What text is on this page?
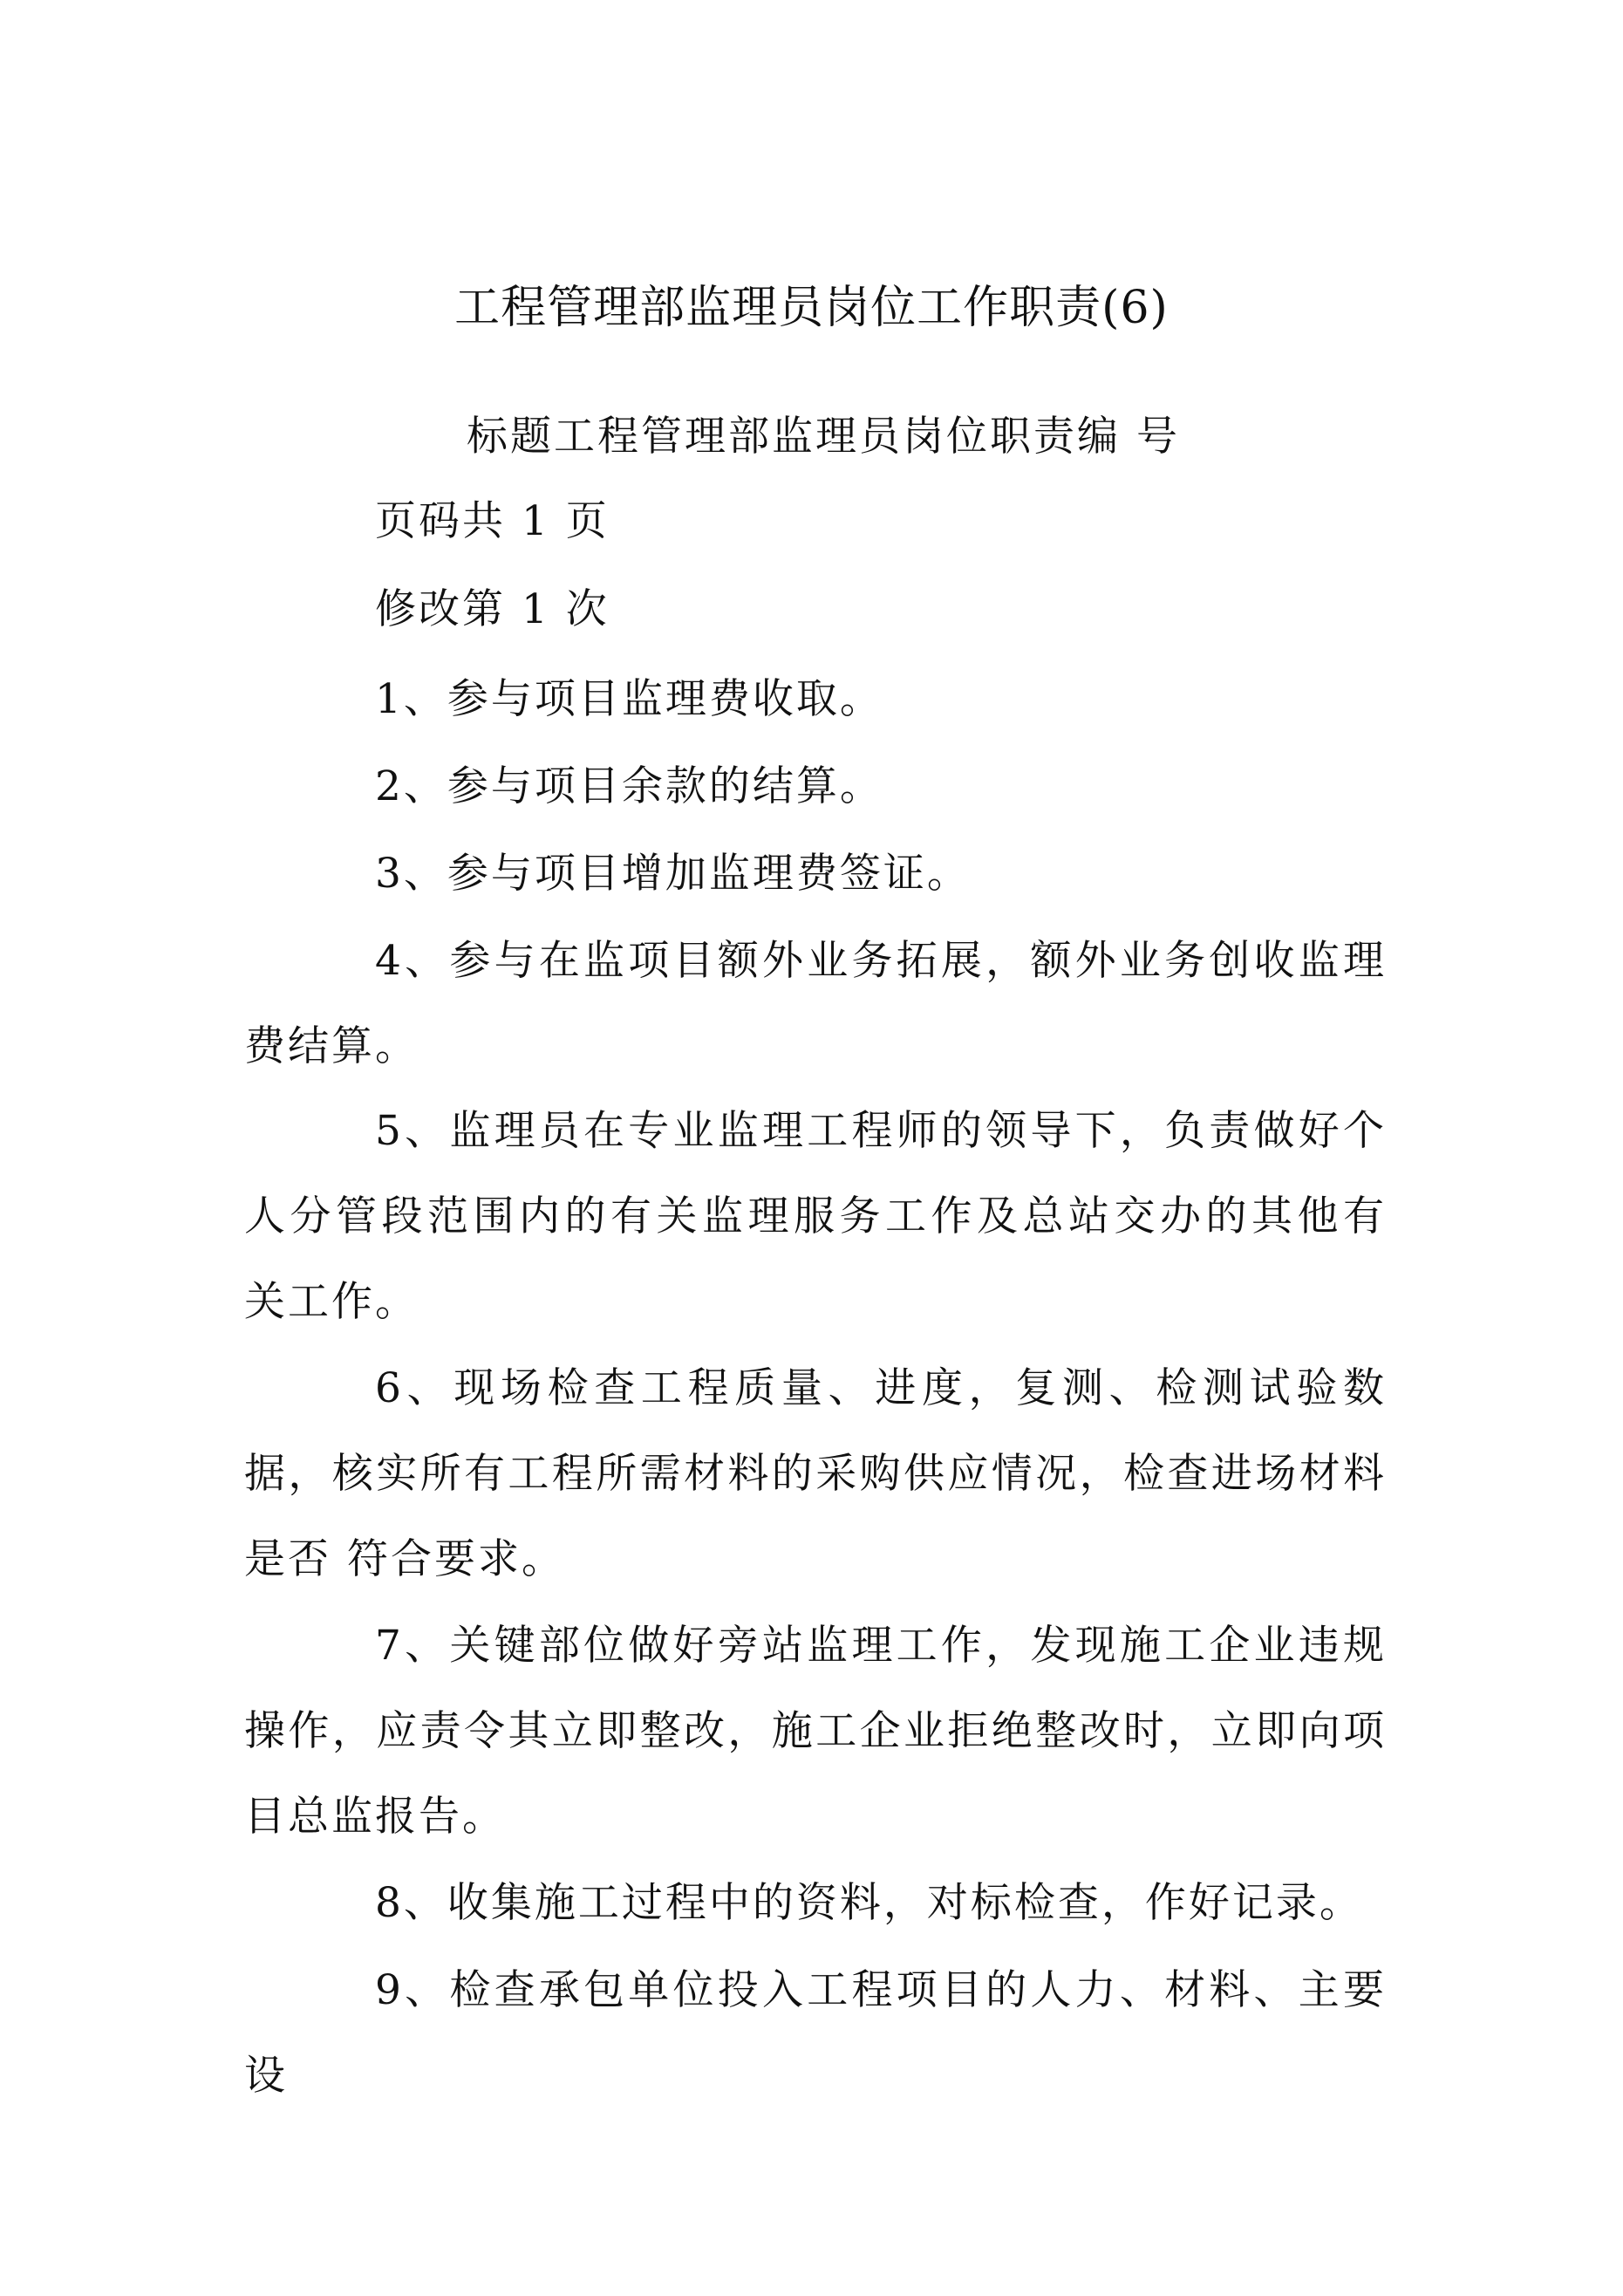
工程管理部监理员岗位工作职责(6)
标题工程管理部监理员岗位职责编 号
页码共 1 页
修改第 1 次
1、参与项目监理费收取。
2、参与项目余款的结算。
3、参与项目增加监理费签证。
4、参与在监项目额外业务拓展，额外业务创收监理 费结算。
5、监理员在专业监理工程师的领导下，负责做好个 人分管段范围内的有关监理服务工作及总站交办的其他有 关工作。
6、现场检查工程质量、进度，复测、检测试验数据，核实所有工程所需材料的采购供应情况，检查进场材料是否 符合要求。
7、关键部位做好旁站监理工作，发现施工企业违规 操作，应责令其立即整改，施工企业拒绝整改时，立即向项 目总监报告。
8、收集施工过程中的资料，对标检查，作好记录。
9、检查承包单位投入工程项目的人力、材料、主要 设
